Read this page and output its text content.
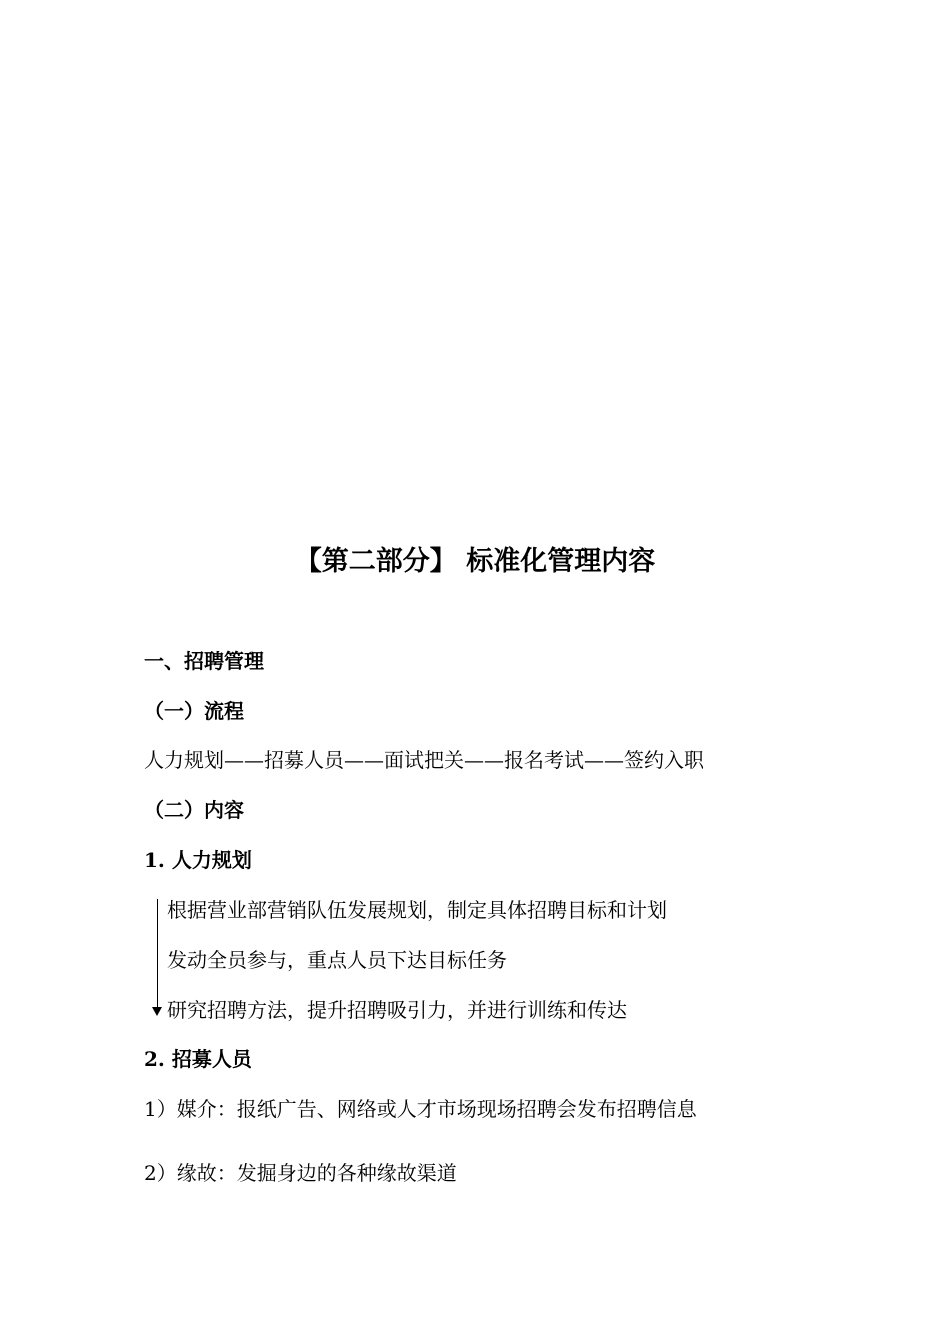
【第二部分】 标准化管理内容
一、招聘管理
（一）流程
人力规划——招募人员——面试把关——报名考试——签约入职
（二）内容
1. 人力规划
根据营业部营销队伍发展规划，制定具体招聘目标和计划
发动全员参与，重点人员下达目标任务
研究招聘方法，提升招聘吸引力，并进行训练和传达
2. 招募人员
1）媒介：报纸广告、网络或人才市场现场招聘会发布招聘信息
2）缘故：发掘身边的各种缘故渠道
